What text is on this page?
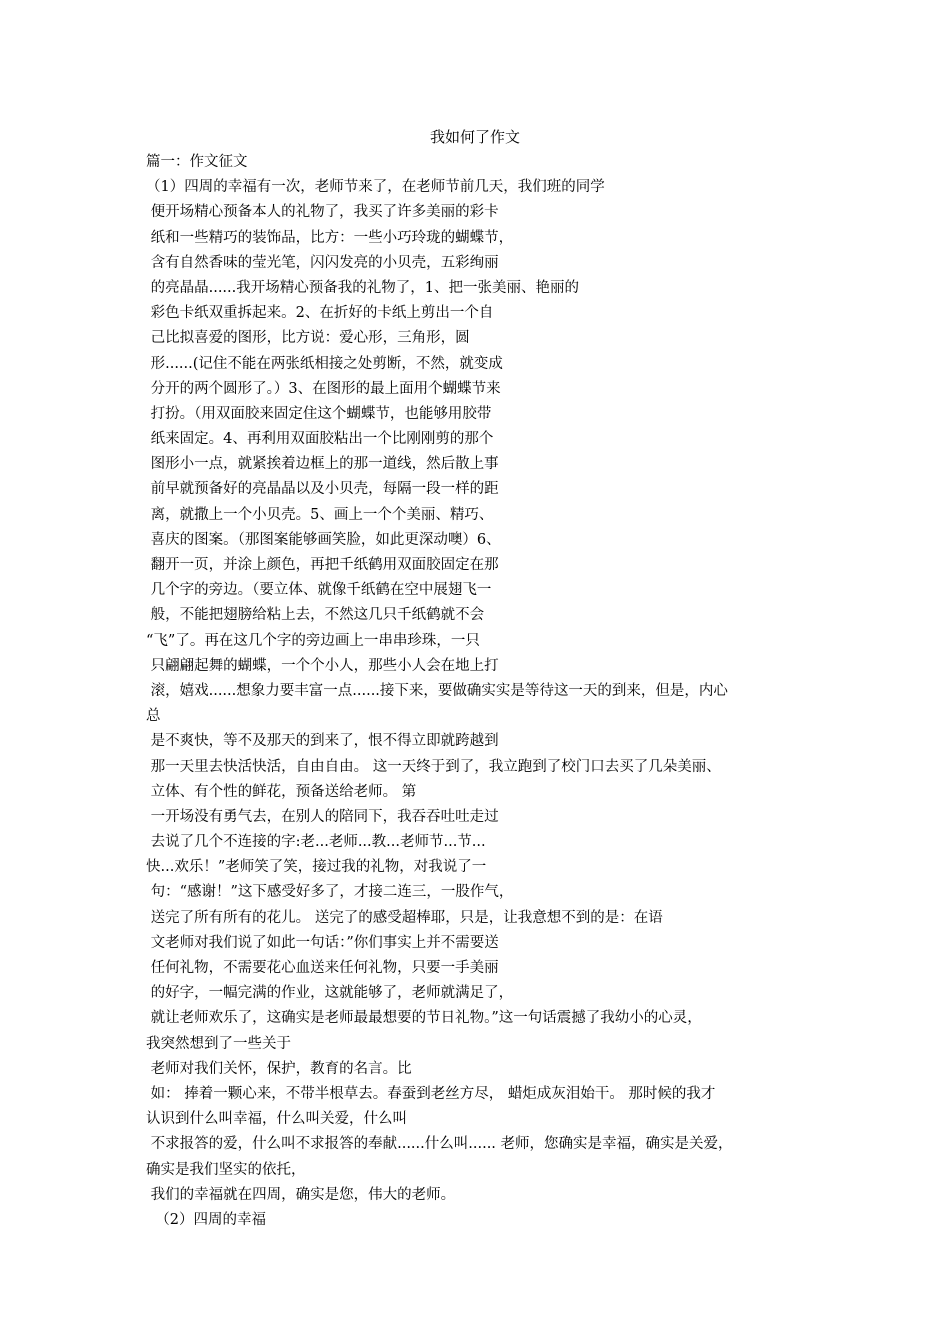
我如何了作文
篇一：作文征文
（1）四周的幸福有一次，老师节来了，在老师节前几天，我们班的同学
便开场精心预备本人的礼物了，我买了许多美丽的彩卡
纸和一些精巧的装饰品，比方：一些小巧玲珑的蝴蝶节，
含有自然香味的莹光笔，闪闪发亮的小贝壳，五彩绚丽
的亮晶晶......我开场精心预备我的礼物了，1、把一张美丽、艳丽的
彩色卡纸双重拆起来。2、在折好的卡纸上剪出一个自
己比拟喜爱的图形，比方说：爱心形，三角形，圆
形......(记住不能在两张纸相接之处剪断，不然，就变成
分开的两个圆形了。）3、在图形的最上面用个蝴蝶节来
打扮。（用双面胶来固定住这个蝴蝶节，也能够用胶带
纸来固定。4、再利用双面胶粘出一个比刚刚剪的那个
图形小一点，就紧挨着边框上的那一道线，然后散上事
前早就预备好的亮晶晶以及小贝壳，每隔一段一样的距
离，就撒上一个小贝壳。5、画上一个个美丽、精巧、
喜庆的图案。（那图案能够画笑脸，如此更深动噢）6、
翻开一页，并涂上颜色，再把千纸鹤用双面胶固定在那
几个字的旁边。（要立体、就像千纸鹤在空中展翅飞一
般，不能把翅膀给粘上去，不然这几只千纸鹤就不会
“飞”了。再在这几个字的旁边画上一串串珍珠，一只
只翩翩起舞的蝴蝶，一个个小人，那些小人会在地上打
滚，嬉戏......想象力要丰富一点......接下来，要做确实实是等待这一天的到来，但是，内心
总
是不爽快，等不及那天的到来了，恨不得立即就跨越到
那一天里去快活快活，自由自由。 这一天终于到了，我立跑到了校门口去买了几朵美丽、
立体、有个性的鲜花，预备送给老师。 第
一开场没有勇气去，在别人的陪同下，我吞吞吐吐走过
去说了几个不连接的字:老...老师...教...老师节...节...
快...欢乐！”老师笑了笑，接过我的礼物，对我说了一
句：“感谢！”这下感受好多了，才接二连三，一股作气，
送完了所有所有的花儿。 送完了的感受超棒耶，只是，让我意想不到的是：在语
文老师对我们说了如此一句话：”你们事实上并不需要送
任何礼物，不需要花心血送来任何礼物，只要一手美丽
的好字，一幅完满的作业，这就能够了，老师就满足了，
就让老师欢乐了，这确实是老师最最想要的节日礼物。”这一句话震撼了我幼小的心灵，
我突然想到了一些关于
老师对我们关怀，保护，教育的名言。比
如： 捧着一颗心来，不带半根草去。春蚕到老丝方尽， 蜡炬成灰泪始干。 那时候的我才
认识到什么叫幸福，什么叫关爱，什么叫
不求报答的爱，什么叫不求报答的奉献......什么叫...... 老师，您确实是幸福，确实是关爱，
确实是我们坚实的依托，
我们的幸福就在四周，确实是您，伟大的老师。
（2）四周的幸福
